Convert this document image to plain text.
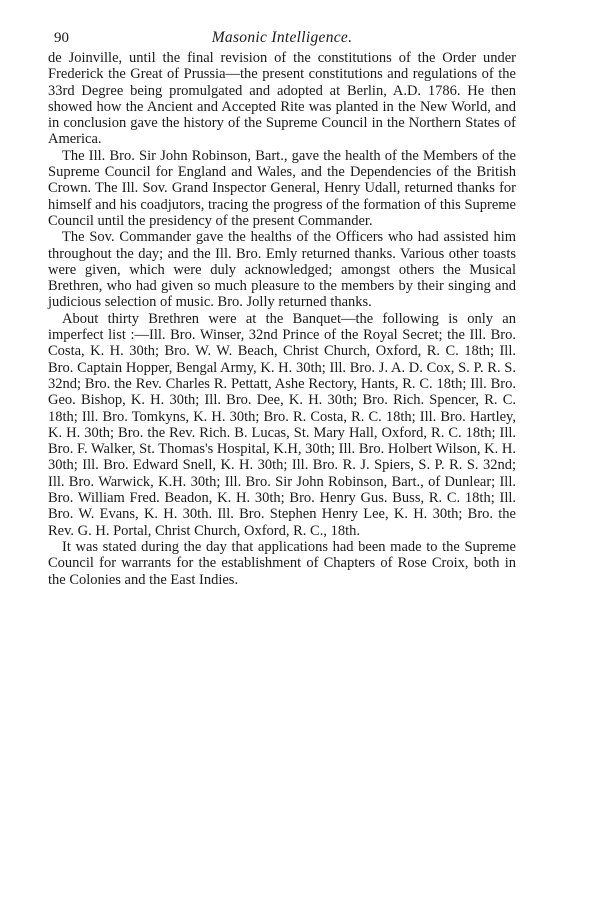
90	Masonic Intelligence.

de Joinville, until the final revision of the constitutions of the Order under Frederick the Great of Prussia—the present constitutions and regulations of the 33rd Degree being promulgated and adopted at Berlin, A.D. 1786. He then showed how the Ancient and Accepted Rite was planted in the New World, and in conclusion gave the history of the Supreme Council in the Northern States of America.

The Ill. Bro. Sir John Robinson, Bart., gave the health of the Members of the Supreme Council for England and Wales, and the Dependencies of the British Crown. The Ill. Sov. Grand Inspector General, Henry Udall, returned thanks for himself and his coadjutors, tracing the progress of the formation of this Supreme Council until the presidency of the present Commander.

The Sov. Commander gave the healths of the Officers who had assisted him throughout the day; and the Ill. Bro. Emly returned thanks. Various other toasts were given, which were duly acknowledged; amongst others the Musical Brethren, who had given so much pleasure to the members by their singing and judicious selection of music. Bro. Jolly returned thanks.

About thirty Brethren were at the Banquet—the following is only an imperfect list :—Ill. Bro. Winser, 32nd Prince of the Royal Secret; the Ill. Bro. Costa, K. H. 30th; Bro. W. W. Beach, Christ Church, Oxford, R. C. 18th; Ill. Bro. Captain Hopper, Bengal Army, K. H. 30th; Ill. Bro. J. A. D. Cox, S. P. R. S. 32nd; Bro. the Rev. Charles R. Pettatt, Ashe Rectory, Hants, R. C. 18th; Ill. Bro. Geo. Bishop, K. H. 30th; Ill. Bro. Dee, K. H. 30th; Bro. Rich. Spencer, R. C. 18th; Ill. Bro. Tomkyns, K. H. 30th; Bro. R. Costa, R. C. 18th; Ill. Bro. Hartley, K. H. 30th; Bro. the Rev. Rich. B. Lucas, St. Mary Hall, Oxford, R. C. 18th; Ill. Bro. F. Walker, St. Thomas's Hospital, K.H, 30th; Ill. Bro. Holbert Wilson, K. H. 30th; Ill. Bro. Edward Snell, K. H. 30th; Ill. Bro. R. J. Spiers, S. P. R. S. 32nd; Ill. Bro. Warwick, K.H. 30th; Ill. Bro. Sir John Robinson, Bart., of Dunlear; Ill. Bro. William Fred. Beadon, K. H. 30th; Bro. Henry Gus. Buss, R. C. 18th; Ill. Bro. W. Evans, K. H. 30th. Ill. Bro. Stephen Henry Lee, K. H. 30th; Bro. the Rev. G. H. Portal, Christ Church, Oxford, R. C., 18th.

It was stated during the day that applications had been made to the Supreme Council for warrants for the establishment of Chapters of Rose Croix, both in the Colonies and the East Indies.
